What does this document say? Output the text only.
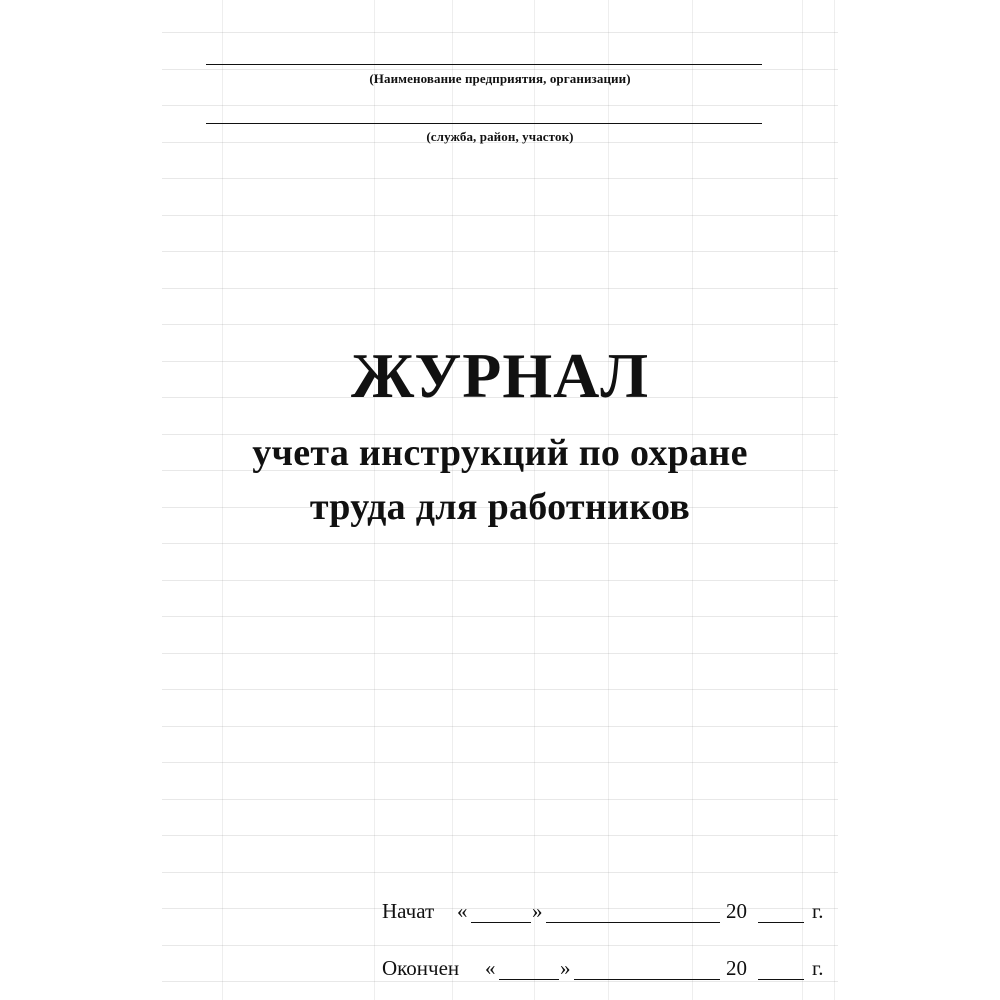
(Наименование предприятия, организации)
(служба, район, участок)
ЖУРНАЛ
учета инструкций по охране
труда для работников
Начат «	»	20	г.
Окончен «	»	20	г.
